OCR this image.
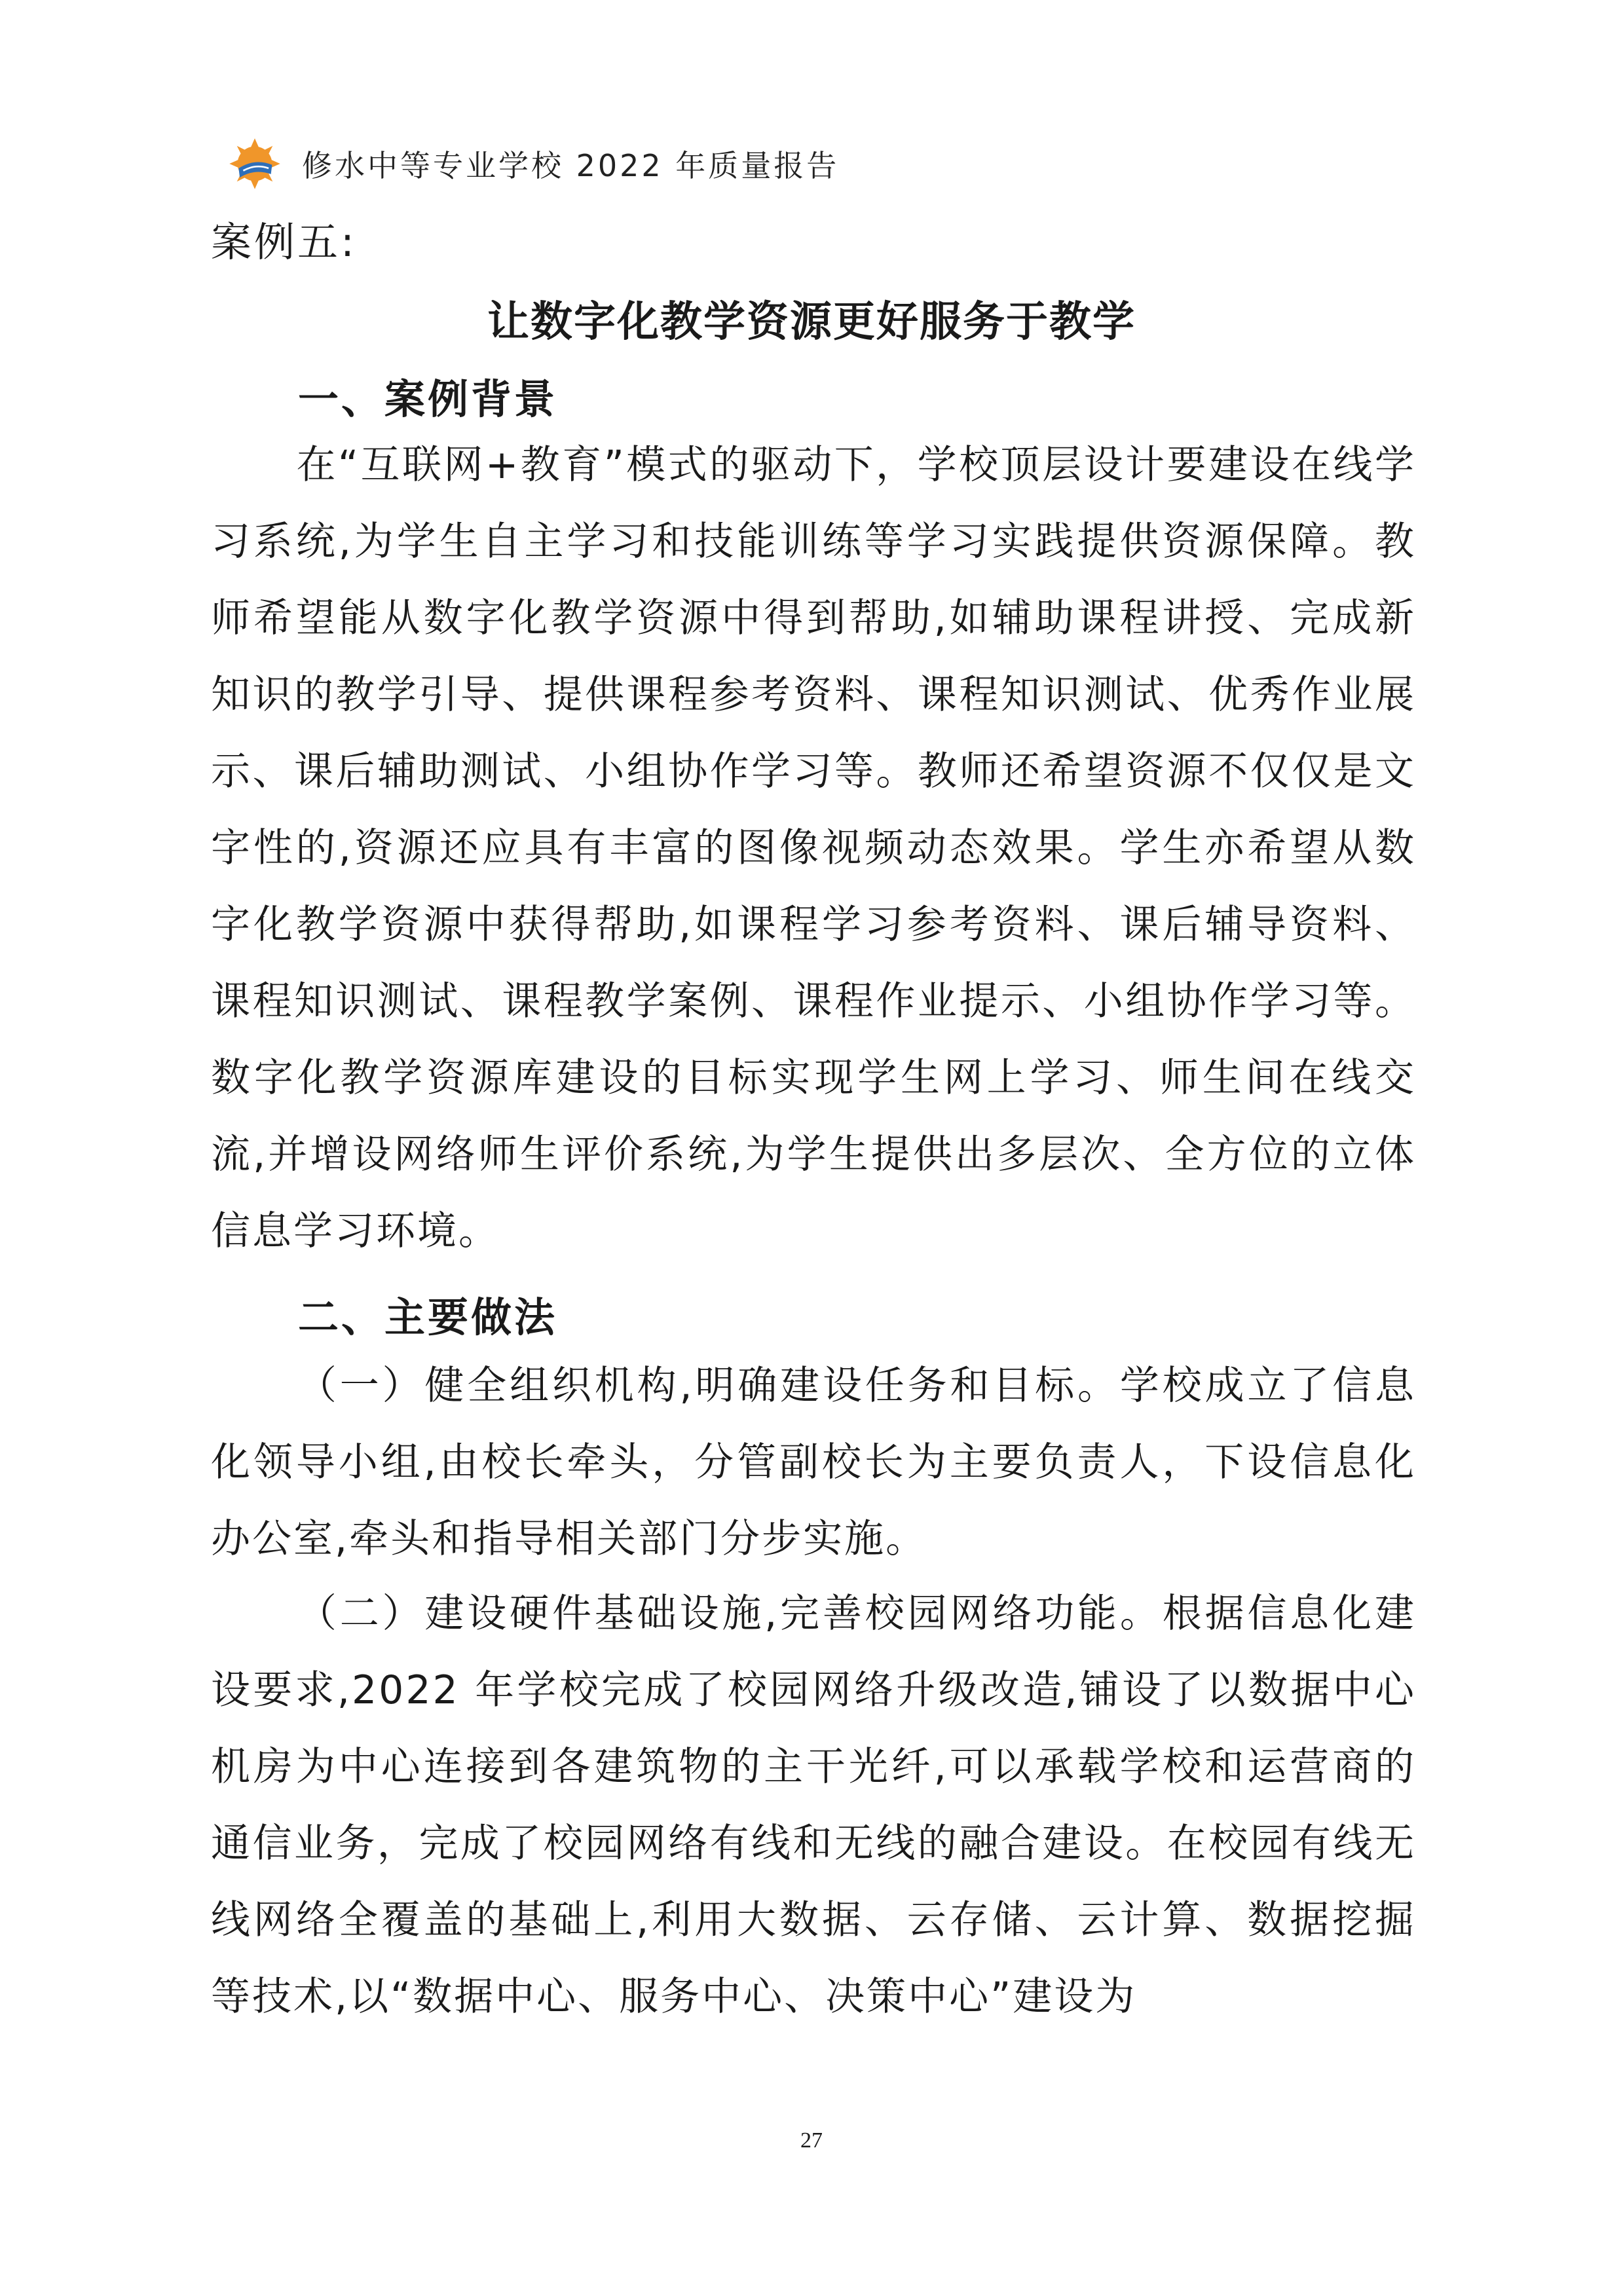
修水中等专业学校 2022 年质量报告
案例五:
让数字化教学资源更好服务于教学
一、案例背景
在“互联网+教育”模式的驱动下，学校顶层设计要建设在线学习系统,为学生自主学习和技能训练等学习实践提供资源保障。教师希望能从数字化教学资源中得到帮助,如辅助课程讲授、完成新知识的教学引导、提供课程参考资料、课程知识测试、优秀作业展示、课后辅助测试、小组协作学习等。教师还希望资源不仅仅是文字性的,资源还应具有丰富的图像视频动态效果。学生亦希望从数字化教学资源中获得帮助,如课程学习参考资料、课后辅导资料、课程知识测试、课程教学案例、课程作业提示、小组协作学习等。数字化教学资源库建设的目标实现学生网上学习、师生间在线交流,并增设网络师生评价系统,为学生提供出多层次、全方位的立体信息学习环境。
二、主要做法
（一）健全组织机构,明确建设任务和目标。学校成立了信息化领导小组,由校长牵头，分管副校长为主要负责人，下设信息化办公室,牵头和指导相关部门分步实施。
（二）建设硬件基础设施,完善校园网络功能。根据信息化建设要求,2022 年学校完成了校园网络升级改造,铺设了以数据中心机房为中心连接到各建筑物的主干光纤,可以承载学校和运营商的通信业务，完成了校园网络有线和无线的融合建设。在校园有线无线网络全覆盖的基础上,利用大数据、云存储、云计算、数据挖掘等技术,以“数据中心、服务中心、决策中心”建设为
27
